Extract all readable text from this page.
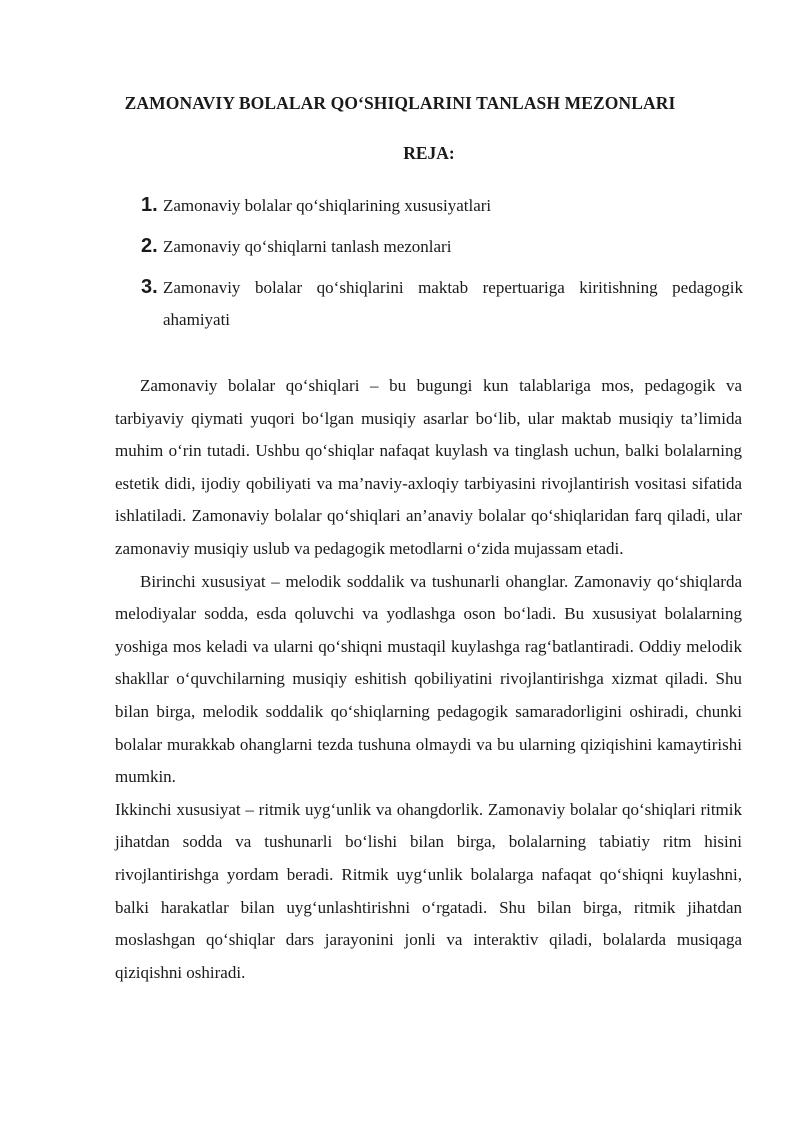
ZAMONAVIY BOLALAR QOʻSHIQLARINI TANLASH MEZONLARI
REJA:
1. Zamonaviy bolalar qoʻshiqlarining xususiyatlari
2. Zamonaviy qoʻshiqlarni tanlash mezonlari
3. Zamonaviy bolalar qoʻshiqlarini maktab repertuariga kiritishning pedagogik ahamiyati

Zamonaviy bolalar qoʻshiqlari – bu bugungi kun talablariga mos, pedagogik va tarbiyaviy qiymati yuqori boʻlgan musiqiy asarlar boʻlib, ular maktab musiqiy ta’limida muhim oʻrin tutadi. Ushbu qoʻshiqlar nafaqat kuylash va tinglash uchun, balki bolalarning estetik didi, ijodiy qobiliyati va ma’naviy-axloqiy tarbiyasini rivojlantirish vositasi sifatida ishlatiladi. Zamonaviy bolalar qoʻshiqlari an’anaviy bolalar qoʻshiqlaridan farq qiladi, ular zamonaviy musiqiy uslub va pedagogik metodlarni oʻzida mujassam etadi.

Birinchi xususiyat – melodik soddalik va tushunarli ohanglar. Zamonaviy qoʻshiqlarda melodiyalar sodda, esda qoluvchi va yodlashga oson boʻladi. Bu xususiyat bolalarning yoshiga mos keladi va ularni qoʻshiqni mustaqil kuylashga ragʻbatlantiradi. Oddiy melodik shakllar oʻquvchilarning musiqiy eshitish qobiliyatini rivojlantirishga xizmat qiladi. Shu bilan birga, melodik soddalik qoʻshiqlarning pedagogik samaradorligini oshiradi, chunki bolalar murakkab ohanglarni tezda tushuna olmaydi va bu ularning qiziqishini kamaytirishi mumkin.

Ikkinchi xususiyat – ritmik uygʻunlik va ohangdorlik. Zamonaviy bolalar qoʻshiqlari ritmik jihatdan sodda va tushunarli boʻlishi bilan birga, bolalarning tabiatiy ritm hisini rivojlantirishga yordam beradi. Ritmik uygʻunlik bolalarga nafaqat qoʻshiqni kuylashni, balki harakatlar bilan uygʻunlashtirishni oʻrgatadi. Shu bilan birga, ritmik jihatdan moslashgan qoʻshiqlar dars jarayonini jonli va interaktiv qiladi, bolalarda musiqaga qiziqishni oshiradi.
